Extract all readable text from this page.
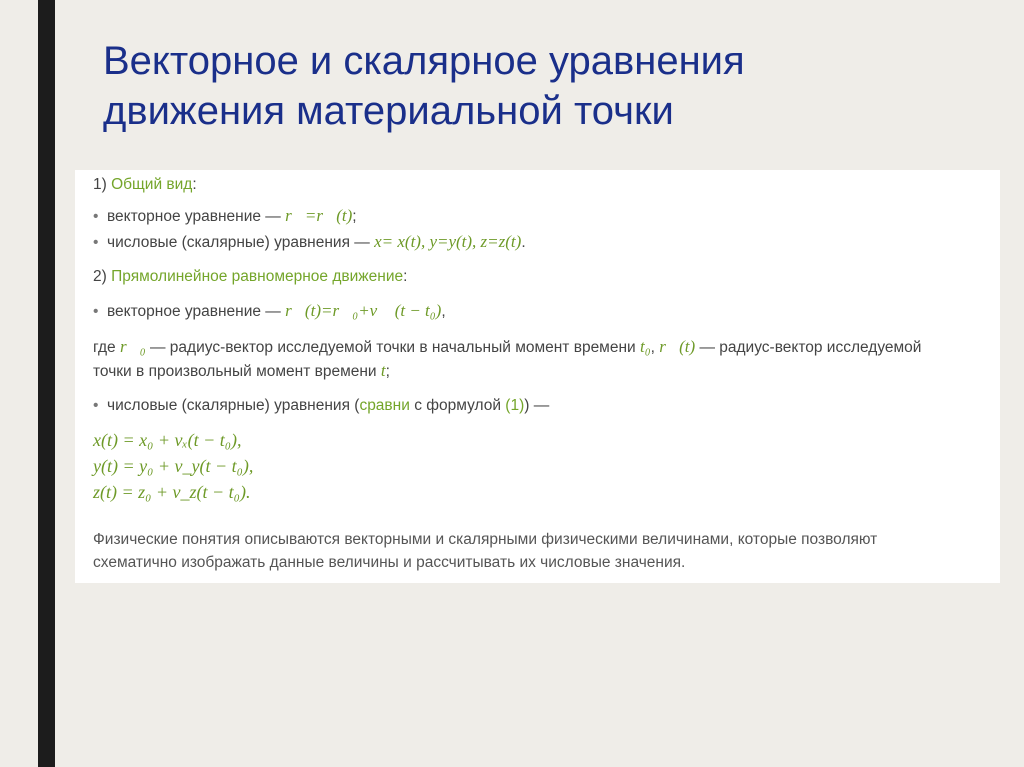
Векторное и скалярное уравнения
движения материальной точки
1) Общий вид:
• векторное уравнение — r⃗=r⃗(t);
• числовые (скалярные) уравнения — x= x(t), y=y(t), z=z(t).
2) Прямолинейное равномерное движение:
• векторное уравнение — r⃗(t)=r⃗₀+v⃗ (t − t₀),
где r⃗₀ — радиус-вектор исследуемой точки в начальный момент времени t₀, r⃗(t) — радиус-вектор исследуемой
точки в произвольный момент времени t;
• числовые (скалярные) уравнения (сравни с формулой (1)) —
x(t) = x₀ + vₓ(t − t₀),
y(t) = y₀ + v_y(t − t₀),
z(t) = z₀ + v_z(t − t₀).
Физические понятия описываются векторными и скалярными физическими величинами, которые позволяют
схематично изображать данные величины и рассчитывать их числовые значения.
